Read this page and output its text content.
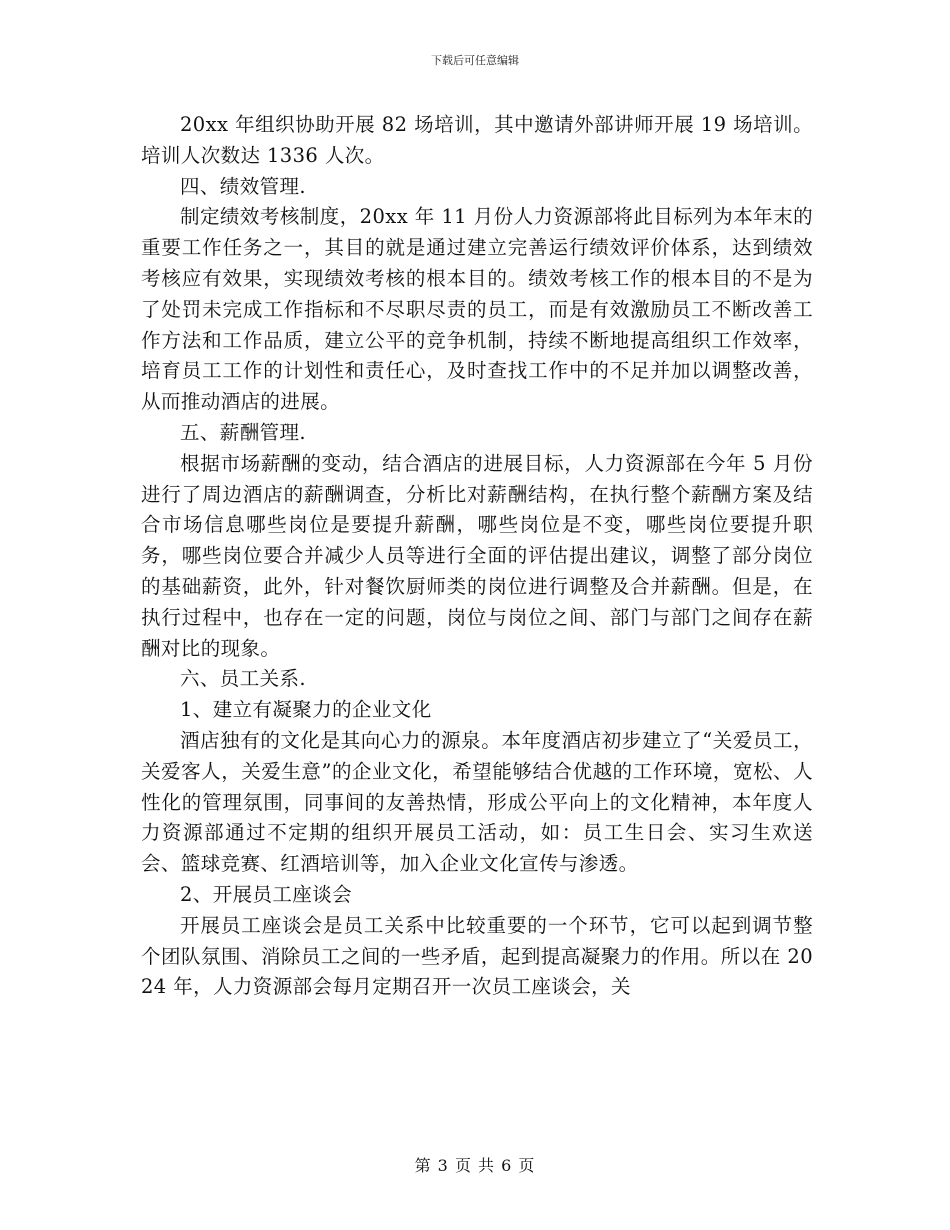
下载后可任意编辑

20xx 年组织协助开展 82 场培训，其中邀请外部讲师开展 19 场培训。培训人次数达 1336 人次。

四、绩效管理.

制定绩效考核制度，20xx 年 11 月份人力资源部将此目标列为本年末的重要工作任务之一，其目的就是通过建立完善运行绩效评价体系，达到绩效考核应有效果，实现绩效考核的根本目的。绩效考核工作的根本目的不是为了处罚未完成工作指标和不尽职尽责的员工，而是有效激励员工不断改善工作方法和工作品质，建立公平的竞争机制，持续不断地提高组织工作效率，培育员工工作的计划性和责任心，及时查找工作中的不足并加以调整改善，从而推动酒店的进展。

五、薪酬管理.

根据市场薪酬的变动，结合酒店的进展目标，人力资源部在今年 5 月份进行了周边酒店的薪酬调查，分析比对薪酬结构，在执行整个薪酬方案及结合市场信息哪些岗位是要提升薪酬，哪些岗位是不变，哪些岗位要提升职务，哪些岗位要合并减少人员等进行全面的评估提出建议，调整了部分岗位的基础薪资，此外，针对餐饮厨师类的岗位进行调整及合并薪酬。但是，在执行过程中，也存在一定的问题，岗位与岗位之间、部门与部门之间存在薪酬对比的现象。

六、员工关系.

1、建立有凝聚力的企业文化

酒店独有的文化是其向心力的源泉。本年度酒店初步建立了“关爱员工，关爱客人，关爱生意”的企业文化，希望能够结合优越的工作环境，宽松、人性化的管理氛围，同事间的友善热情，形成公平向上的文化精神，本年度人力资源部通过不定期的组织开展员工活动，如：员工生日会、实习生欢送会、篮球竞赛、红酒培训等，加入企业文化宣传与渗透。

2、开展员工座谈会

开展员工座谈会是员工关系中比较重要的一个环节，它可以起到调节整个团队氛围、消除员工之间的一些矛盾，起到提高凝聚力的作用。所以在 2024 年，人力资源部会每月定期召开一次员工座谈会，关

第 3 页 共 6 页
